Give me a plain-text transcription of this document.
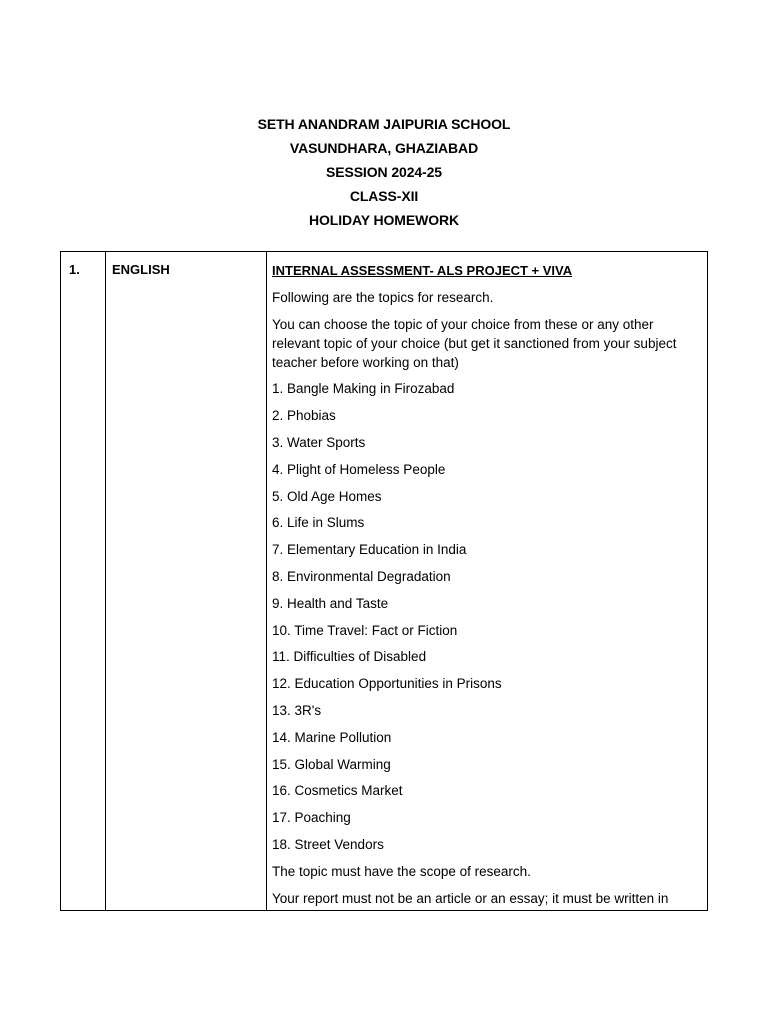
SETH ANANDRAM JAIPURIA SCHOOL
VASUNDHARA, GHAZIABAD
SESSION 2024-25
CLASS-XII
HOLIDAY HOMEWORK
1. ENGLISH	INTERNAL ASSESSMENT- ALS PROJECT + VIVA

Following are the topics for research.

You can choose the topic of your choice from these or any other relevant topic of your choice (but get it sanctioned from your subject teacher before working on that)

1. Bangle Making in Firozabad
2. Phobias
3. Water Sports
4. Plight of Homeless People
5. Old Age Homes
6. Life in Slums
7. Elementary Education in India
8. Environmental Degradation
9. Health and Taste
10. Time Travel: Fact or Fiction
11. Difficulties of Disabled
12. Education Opportunities in Prisons
13. 3R's
14. Marine Pollution
15. Global Warming
16. Cosmetics Market
17. Poaching
18. Street Vendors

The topic must have the scope of research.

Your report must not be an article or an essay; it must be written in
